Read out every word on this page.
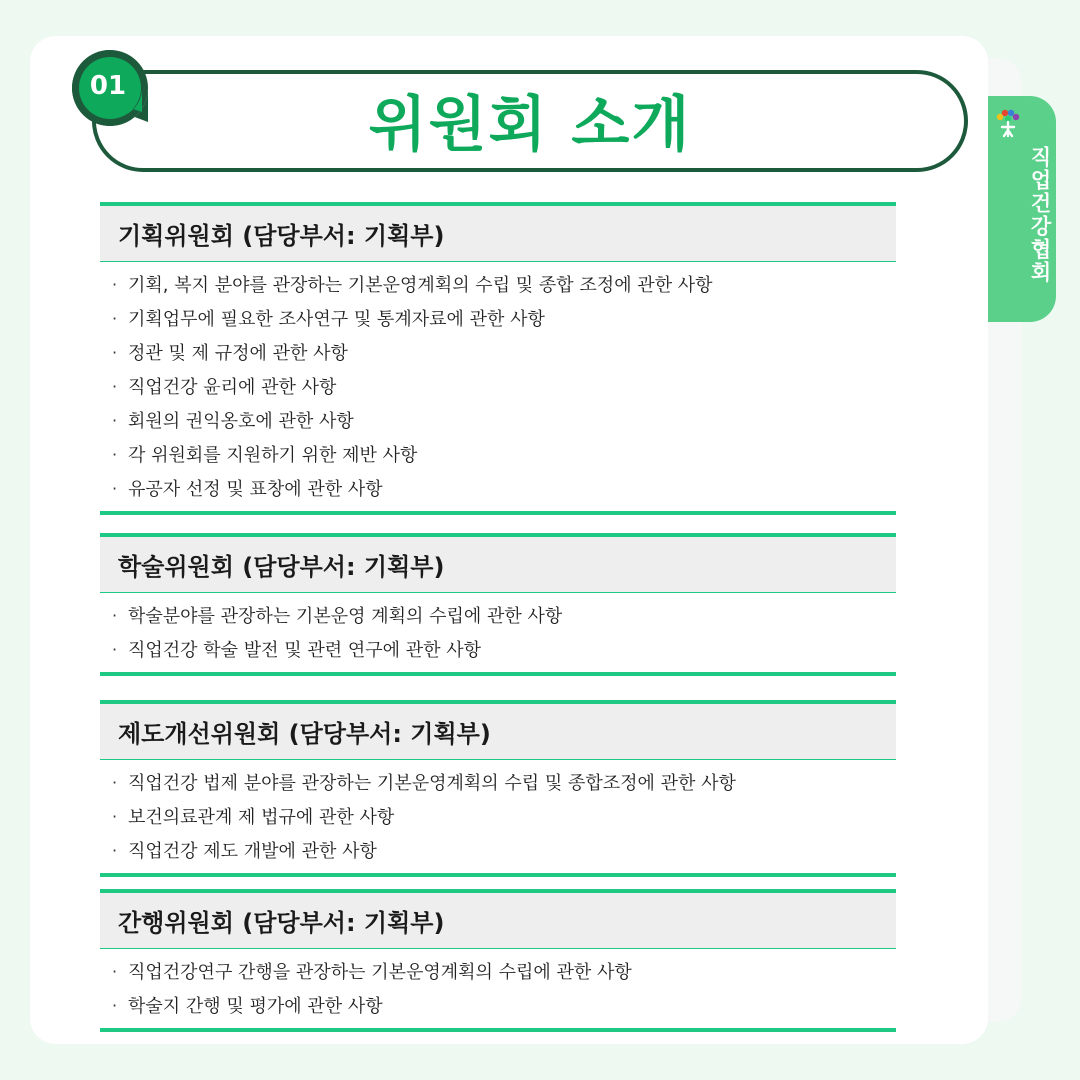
직업건강협회
위원회 소개
01
기획위원회 (담당부서: 기획부)
· 기획, 복지 분야를 관장하는 기본운영계획의 수립 및 종합 조정에 관한 사항
· 기획업무에 필요한 조사연구 및 통계자료에 관한 사항
· 정관 및 제 규정에 관한 사항
· 직업건강 윤리에 관한 사항
· 회원의 권익옹호에 관한 사항
· 각 위원회를 지원하기 위한 제반 사항
· 유공자 선정 및 표창에 관한 사항
학술위원회 (담당부서: 기획부)
· 학술분야를 관장하는 기본운영 계획의 수립에 관한 사항
· 직업건강 학술 발전 및 관련 연구에 관한 사항
제도개선위원회 (담당부서: 기획부)
· 직업건강 법제 분야를 관장하는 기본운영계획의 수립 및 종합조정에 관한 사항
· 보건의료관계 제 법규에 관한 사항
· 직업건강 제도 개발에 관한 사항
간행위원회 (담당부서: 기획부)
· 직업건강연구 간행을 관장하는 기본운영계획의 수립에 관한 사항
· 학술지 간행 및 평가에 관한 사항
